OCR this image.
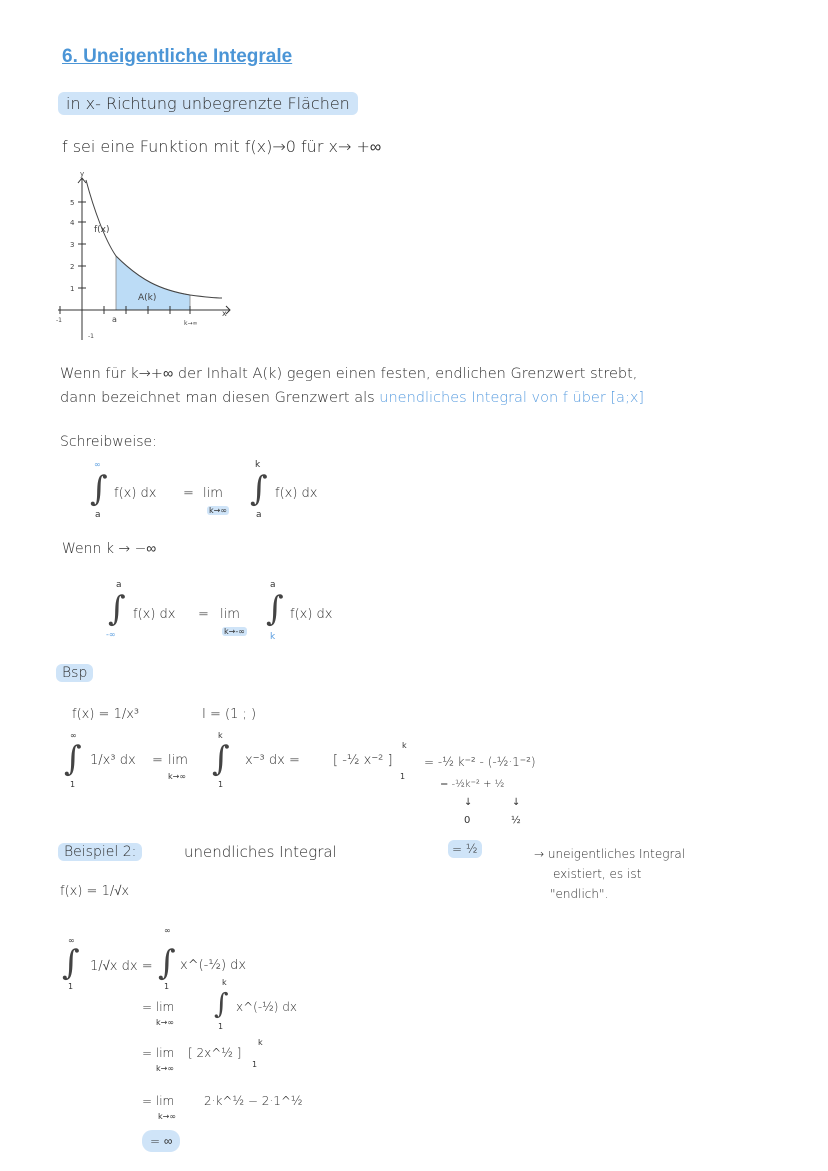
6. Uneigentliche Integrale
in x- Richtung unbegrenzte Flächen
f sei eine Funktion mit f(x)→0 für x→ +∞
5
4
3
2
1
y
x
f(x)
A(k)
a	k→∞
-1
-1
Wenn für k→+∞ der Inhalt A(k) gegen einen festen, endlichen Grenzwert strebt,
dann bezeichnet man diesen Grenzwert als unendliches Integral von f über [a;x]
Schreibweise:
∞
∫
a
f(x) dx = lim
k→∞
k
∫
a
f(x) dx
Wenn k → −∞
a
∫
-∞
f(x) dx = lim
k→-∞
a
∫
k
f(x) dx
Bsp
f(x) = 1/x³	I = (1 ; )
∞
∫
1
1/x³ dx = lim
k→∞
k
∫
1
x⁻³ dx =	[ -½ x⁻² ]
k
1
= -½ k⁻² - (-½·1⁻²)
= -½k⁻² + ½
↓	↓
0	½
= ½
Beispiel 2:	unendliches Integral	→ uneigentliches Integral
existiert, es ist
"endlich".
f(x) = 1/√x
∞
∫
1
1/√x dx =
∞
∫
1
x^(-½) dx
= lim
k→∞
k
∫
1
x^(-½) dx
= lim
k→∞
[ 2x^½ ]
k
1
= lim
k→∞
2·k^½ − 2·1^½
= ∞
